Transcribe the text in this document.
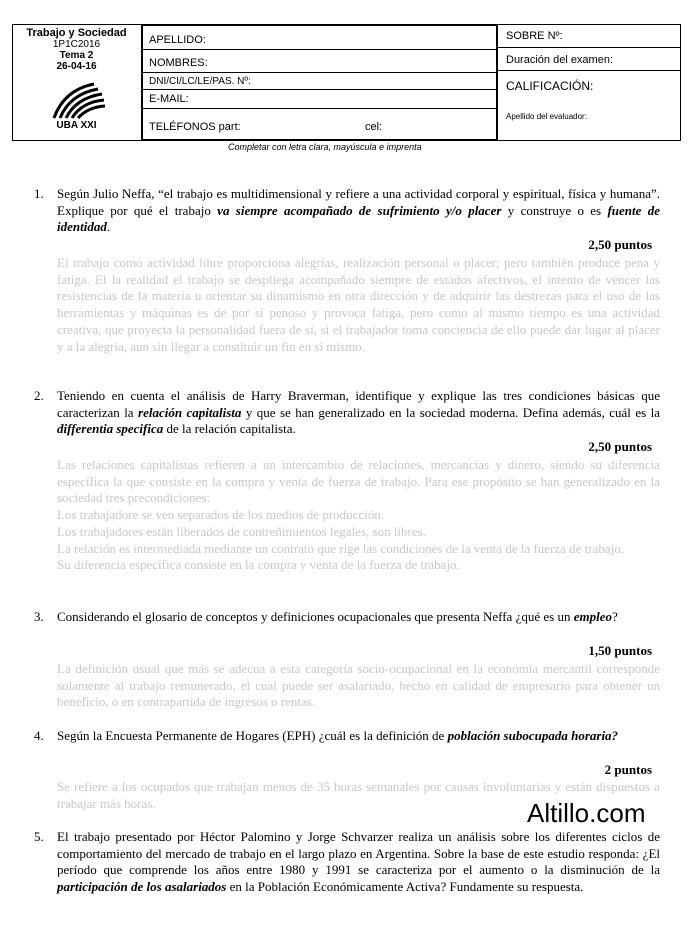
Trabajo y Sociedad
1P1C2016
Tema 2
26-04-16
UBA XXI
APELLIDO:
NOMBRES:
DNI/CI/LC/LE/PAS. Nº:
E-MAIL:
TELÉFONOS part:	cel:
SOBRE Nº:
Duración del examen:
CALIFICACIÓN:
Apellido del evaluador:
Completar con letra clara, mayúscula e imprenta
1. Según Julio Neffa, “el trabajo es multidimensional y refiere a una actividad corporal y espiritual, física y humana”. Explique por qué el trabajo va siempre acompañado de sufrimiento y/o placer y construye o es fuente de identidad.
2,50 puntos

El trabajo como actividad libre proporciona alegrías, realización personal o placer; pero también produce pena y fatiga. El la realidad el trabajo se despliega acompañado siempre de estados afectivos, el intento de vencer las resistencias de la materia u orientar su dinamismo en otra dirección y de adquirir las destrezas para el uso de las herramientas y máquinas es de por sí penoso y provoca fatiga, pero como al mismo tiempo es una actividad creativa, que proyecta la personalidad fuera de sí, si el trabajador toma conciencia de ello puede dar lugar al placer y a la alegría, aun sin llegar a constituir un fin en si mismo.

2. Teniendo en cuenta el análisis de Harry Braverman, identifique y explique las tres condiciones básicas que caracterizan la relación capitalista y que se han generalizado en la sociedad moderna. Defina además, cuál es la differentia specifica de la relación capitalista.
2,50 puntos

Las relaciones capitalistas refieren a un intercambio de relaciones, mercancías y dinero, siendo su diferencia específica la que consiste en la compra y venta de fuerza de trabajo. Para ese propósito se han generalizado en la sociedad tres precondiciones:

Los trabajadore se ven separados de los medios de producción.

Los trabajadores están liberados de contreñimientos legales, son libres.

La relación es intermediada mediante un contrato que rige las condiciones de la venta de la fuerza de trabajo.

Su diferencia específica consiste en la compra y venta de la fuerza de trabajo.

3. Considerando el glosario de conceptos y definiciones ocupacionales que presenta Neffa ¿qué es un empleo?
1,50 puntos

La definición usual que más se adecua a esta categoría socio-ocupacional en la economía mercantil corresponde solamente al trabajo remunerado, el cual puede ser asalariado, hecho en calidad de empresario para obtener un beneficio, o en contrapartida de ingresos o rentas.

4. Según la Encuesta Permanente de Hogares (EPH) ¿cuál es la definición de población subocupada horaria?
2 puntos

Se refiere a los ocupados que trabajan menos de 35 horas semanales por causas involuntarias y están dispuestos a trabajar más horas.	Altillo.com
5. El trabajo presentado por Héctor Palomino y Jorge Schvarzer realiza un análisis sobre los diferentes ciclos de comportamiento del mercado de trabajo en el largo plazo en Argentina. Sobre la base de este estudio responda: ¿El período que comprende los años entre 1980 y 1991 se caracteriza por el aumento o la disminución de la participación de los asalariados en la Población Económicamente Activa? Fundamente su respuesta.
